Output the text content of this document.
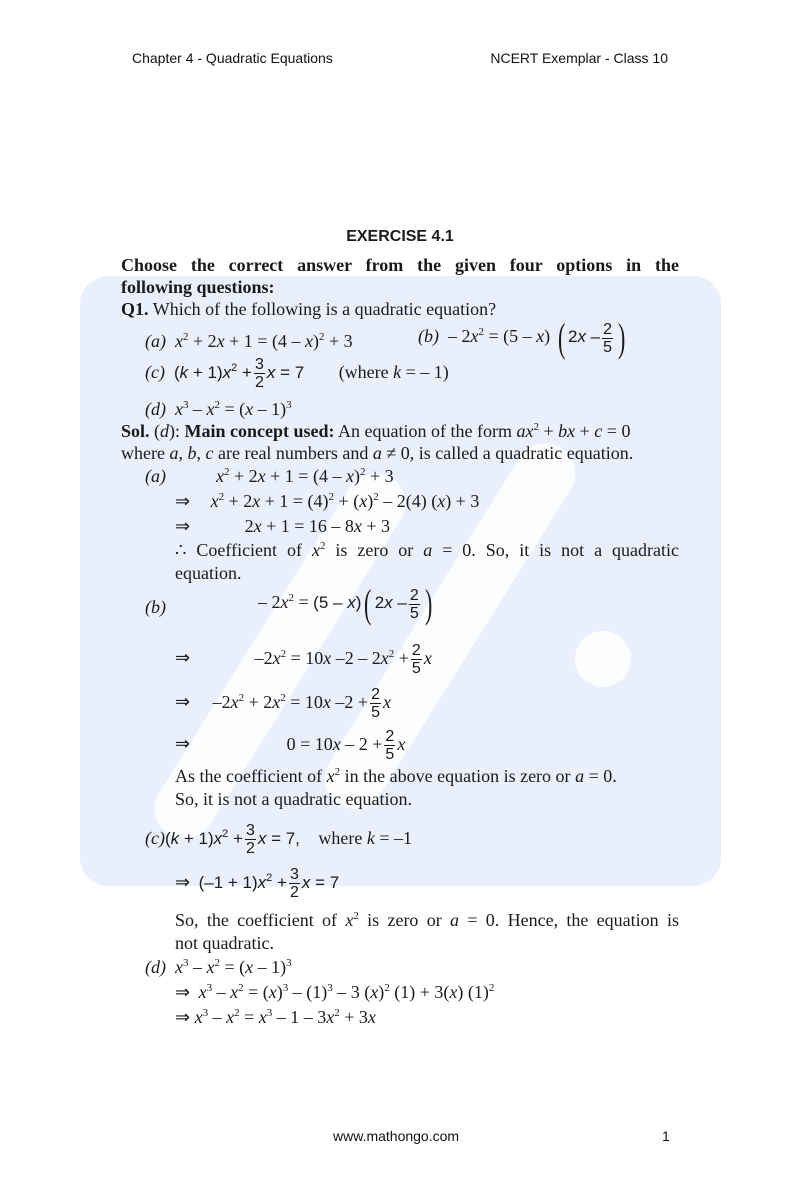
Chapter 4 - Quadratic Equations	NCERT Exemplar - Class 10
EXERCISE 4.1
Choose the correct answer from the given four options in the
following questions:
Q1. Which of the following is a quadratic equation?
(a) $x^2 + 2x + 1 = (4 - x)^2 + 3$	$(b) - 2x^2 = (5 - x)$ ( $2x - \frac{2}{5}$ )
(c) $(k + 1)x^2 + \frac{3}{2}$ x = 7 (where k = – 1)
(d) $x^3 - x^2 = (x - 1)^3$
Sol. (d): Main concept used: An equation of the form $ax^2$ + bx + c = 0
where a, b, c are real numbers and a ≠ 0, is called a quadratic equation.
(a)	$x^2 + 2x + 1 = (4 - x)^2 + 3$
⇒ $x^2 + 2x + 1 = (4)^2 + (x)^2 - 2(4) (x) + 3$
⇒	2x + 1 = 16 – 8x + 3
∴ Coefficient of $x^2$ is zero or a = 0. So, it is not a quadratic
equation.
(b)	– $2x^2 = (5 - x)$( $2x - \frac{2}{5}$ )
⇒	$-2x^2 = 10x$ $-2 - 2x^2 + \frac{2}{5}$ x
⇒ $-2x^2 + 2x^2 = 10x$ $-2 + \frac{2}{5}$ x
⇒	$0 = 10x - 2 + \frac{2}{5}$ x
As the coefficient of $x^2$ in the above equation is zero or a = 0.
So, it is not a quadratic equation.
$(c)(k + 1)x^2 + \frac{3}{2}$ x = 7, where k = –1
⇒ $(-1 + 1)x^2 + \frac{3}{2}$ x = 7
So, the coefficient of $x^2$ is zero or a = 0. Hence, the equation is
not quadratic.
(d) $x^3 - x^2 = (x - 1)^3$
⇒ $x^3 - x^2 = (x)^3 - (1)^3 - 3$ $(x)^2$ (1) + 3(x) $(1)^2$
⇒ $x^3 - x^2 = x^3 - 1 - 3x^2 + 3x$
www.mathongo.com	1
